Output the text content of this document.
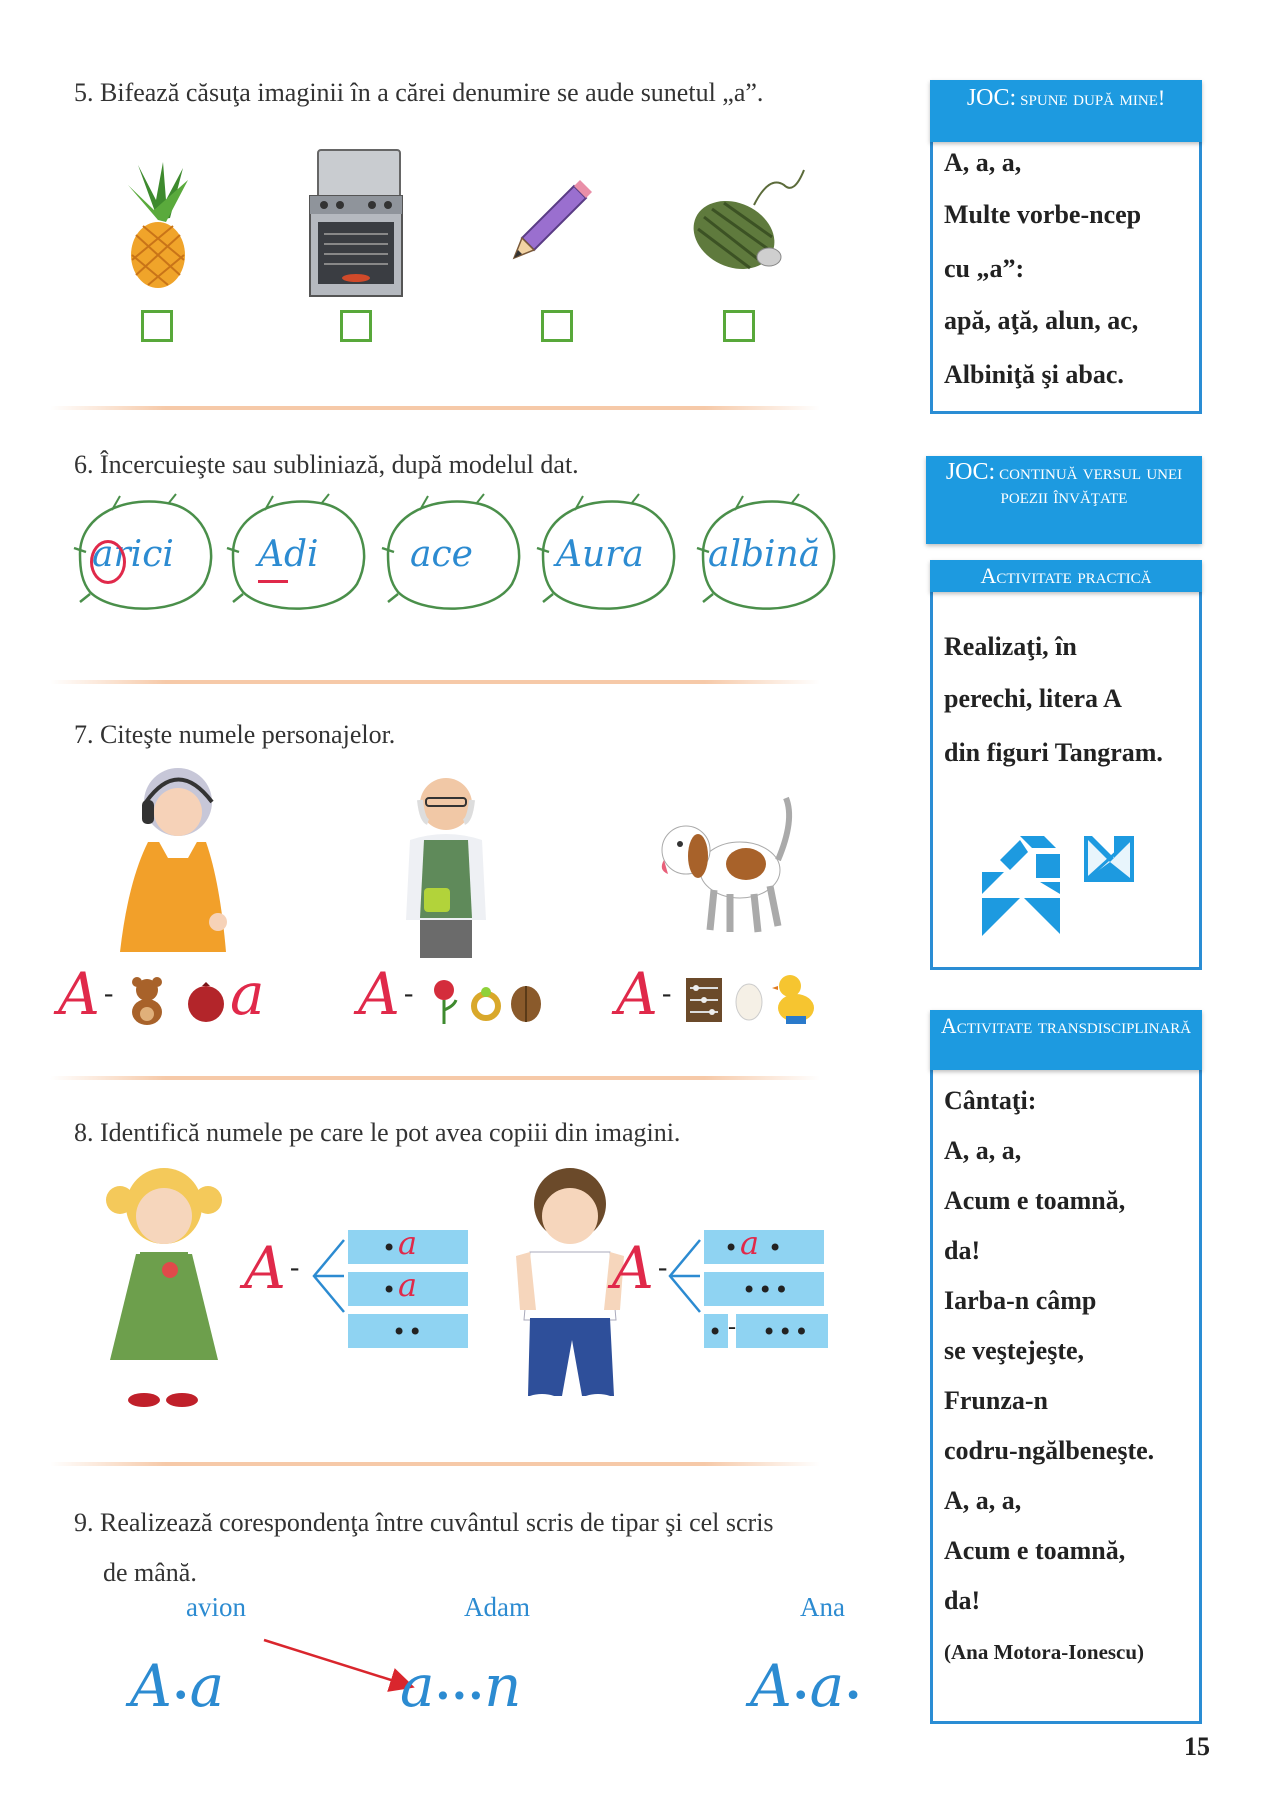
5. Bifează căsuţa imaginii în a cărei denumire se aude sunetul „a”.
6. Încercuieşte sau subliniază, după modelul dat.
arici Adi	ace Aura albină
7. Citeşte numele personajelor.
A - a A -	A -
8. Identifică numele pe care le pot avea copiii din imagini.
A -
• a
• a
••
A -
• a •
•••
• - •••
9. Realizează corespondenţa între cuvântul scris de tipar şi cel scris
de mână.
avion	Adam	Ana
A•a	a•••n	A•a•
JOC: spune după mine!
A, a, a,
Multe vorbe-ncep
cu „a”:
apă, aţă, alun, ac,
Albiniţă şi abac.
JOC: continuă versul unei poezii învăţate
Activitate practică
Realizaţi, în
perechi, litera A
din figuri Tangram.
Activitate transdisciplinară
Cântaţi:
A, a, a,
Acum e toamnă,
da!
Iarba-n câmp
se veştejeşte,
Frunza-n
codru-ngălbeneşte.
A, a, a,
Acum e toamnă,
da!
(Ana Motora-Ionescu)
15
